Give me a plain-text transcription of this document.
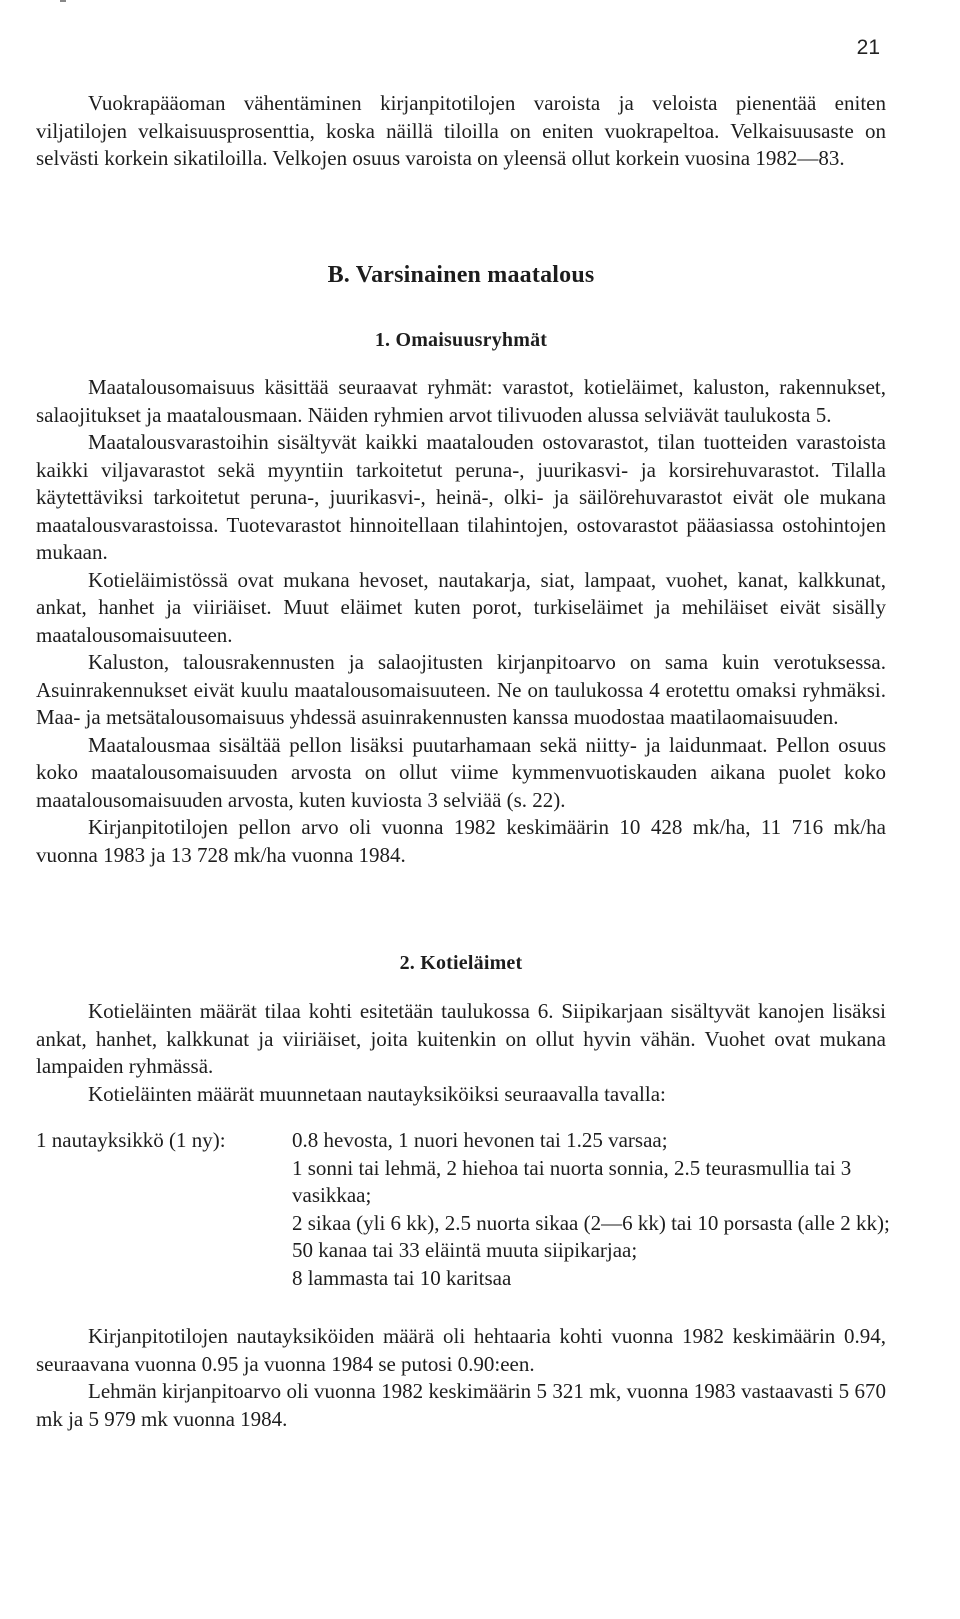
21

Vuokrapääoman vähentäminen kirjanpitotilojen varoista ja veloista pienentää eniten viljatilojen velkaisuusprosenttia, koska näillä tiloilla on eniten vuokrapeltoa. Velkaisuusaste on selvästi korkein sikatiloilla. Velkojen osuus varoista on yleensä ollut korkein vuosina 1982—83.

B. Varsinainen maatalous
1. Omaisuusryhmät

Maatalousomaisuus käsittää seuraavat ryhmät: varastot, kotieläimet, kaluston, rakennukset, salaojitukset ja maatalousmaan. Näiden ryhmien arvot tilivuoden alussa selviävät taulukosta 5.

Maatalousvarastoihin sisältyvät kaikki maatalouden ostovarastot, tilan tuotteiden varastoista kaikki viljavarastot sekä myyntiin tarkoitetut peruna-, juurikasvi- ja korsirehuvarastot. Tilalla käytettäviksi tarkoitetut peruna-, juurikasvi-, heinä-, olki- ja säilörehuvarastot eivät ole mukana maatalousvarastoissa. Tuotevarastot hinnoitellaan tilahintojen, ostovarastot pääasiassa ostohintojen mukaan.

Kotieläimistössä ovat mukana hevoset, nautakarja, siat, lampaat, vuohet, kanat, kalkkunat, ankat, hanhet ja viiriäiset. Muut eläimet kuten porot, turkiseläimet ja mehiläiset eivät sisälly maatalousomaisuuteen.

Kaluston, talousrakennusten ja salaojitusten kirjanpitoarvo on sama kuin verotuksessa. Asuinrakennukset eivät kuulu maatalousomaisuuteen. Ne on taulukossa 4 erotettu omaksi ryhmäksi. Maa- ja metsätalousomaisuus yhdessä asuinrakennusten kanssa muodostaa maatilaomaisuuden.

Maatalousmaa sisältää pellon lisäksi puutarhamaan sekä niitty- ja laidunmaat. Pellon osuus koko maatalousomaisuuden arvosta on ollut viime kymmenvuotiskauden aikana puolet koko maatalousomaisuuden arvosta, kuten kuviosta 3 selviää (s. 22).

Kirjanpitotilojen pellon arvo oli vuonna 1982 keskimäärin 10 428 mk/ha, 11 716 mk/ha vuonna 1983 ja 13 728 mk/ha vuonna 1984.

2. Kotieläimet

Kotieläinten määrät tilaa kohti esitetään taulukossa 6. Siipikarjaan sisältyvät kanojen lisäksi ankat, hanhet, kalkkunat ja viiriäiset, joita kuitenkin on ollut hyvin vähän. Vuohet ovat mukana lampaiden ryhmässä.

Kotieläinten määrät muunnetaan nautayksiköiksi seuraavalla tavalla:

1 nautayksikkö (1 ny):	0.8 hevosta, 1 nuori hevonen tai 1.25 varsaa;
1 sonni tai lehmä, 2 hiehoa tai nuorta sonnia, 2.5 teurasmullia tai 3 vasikkaa;
2 sikaa (yli 6 kk), 2.5 nuorta sikaa (2—6 kk) tai 10 porsasta (alle 2 kk);
50 kanaa tai 33 eläintä muuta siipikarjaa;
8 lammasta tai 10 karitsaa

Kirjanpitotilojen nautayksiköiden määrä oli hehtaaria kohti vuonna 1982 keskimäärin 0.94, seuraavana vuonna 0.95 ja vuonna 1984 se putosi 0.90:een.

Lehmän kirjanpitoarvo oli vuonna 1982 keskimäärin 5 321 mk, vuonna 1983 vastaavasti 5 670 mk ja 5 979 mk vuonna 1984.
